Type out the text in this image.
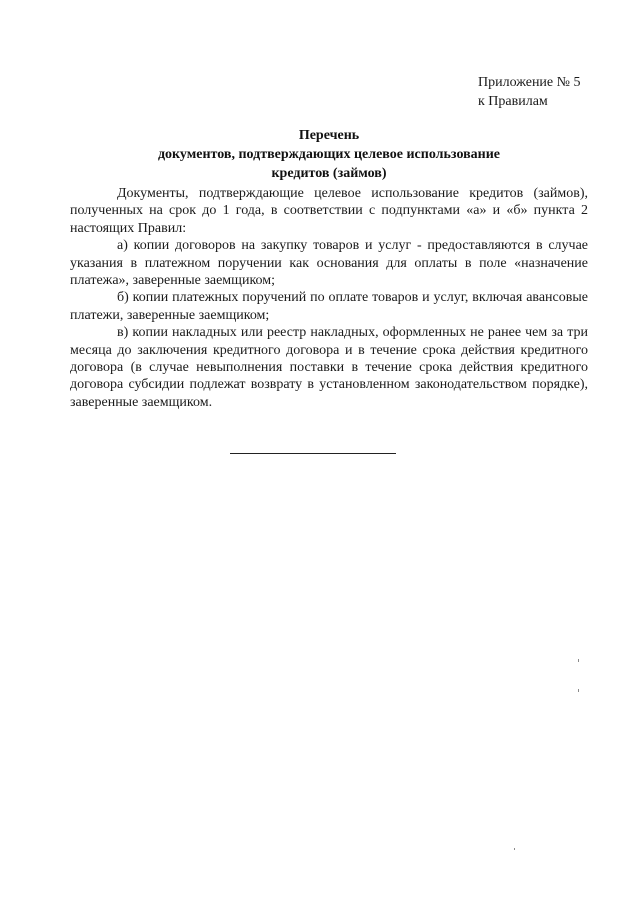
Приложение № 5
к Правилам
Перечень
документов, подтверждающих целевое использование
кредитов (займов)

Документы, подтверждающие целевое использование кредитов (займов), полученных на срок до 1 года, в соответствии с подпунктами «а» и «б» пункта 2 настоящих Правил:

а) копии договоров на закупку товаров и услуг - предоставляются в случае указания в платежном поручении как основания для оплаты в поле «назначение платежа», заверенные заемщиком;

б) копии платежных поручений по оплате товаров и услуг, включая авансовые платежи, заверенные заемщиком;

в) копии накладных или реестр накладных, оформленных не ранее чем за три месяца до заключения кредитного договора и в течение срока действия кредитного договора (в случае невыполнения поставки в течение срока действия кредитного договора субсидии подлежат возврату в установленном законодательством порядке), заверенные заемщиком.
